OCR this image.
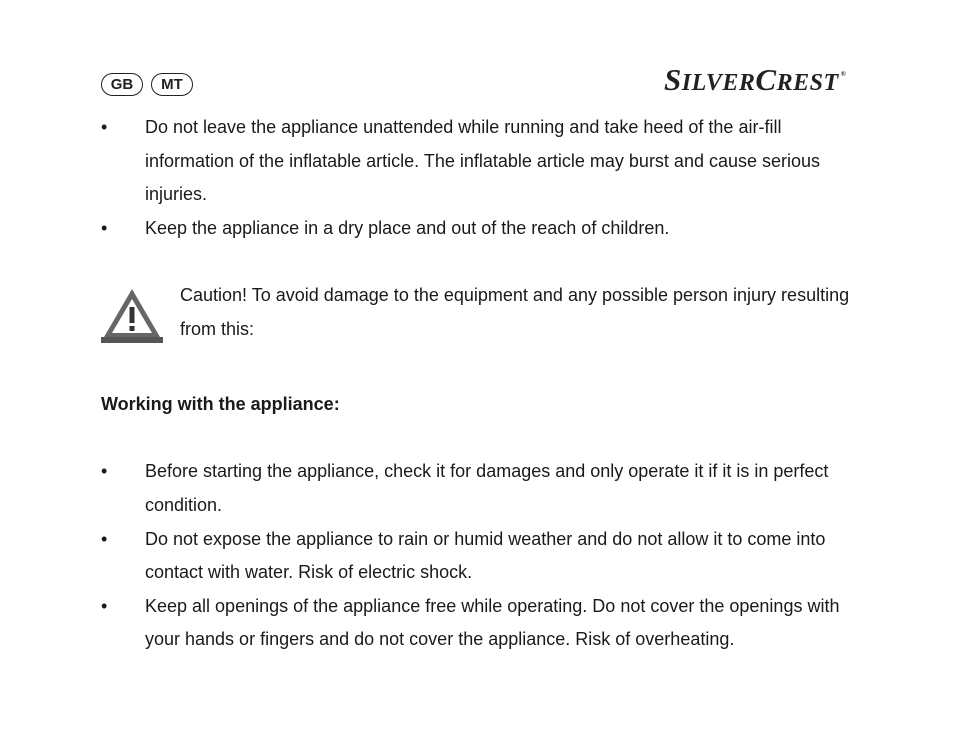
GB	MT	SILVERCREST ®
•	Do not leave the appliance unattended while running and take heed of the air-fill information of the inflatable article. The inflatable article may burst and cause serious injuries.
•	Keep the appliance in a dry place and out of the reach of children.
Caution! To avoid damage to the equipment and any possible person injury resulting from this:
Working with the appliance:
•	Before starting the appliance, check it for damages and only operate it if it is in perfect condition.
•	Do not expose the appliance to rain or humid weather and do not allow it to come into contact with water. Risk of electric shock.
•	Keep all openings of the appliance free while operating. Do not cover the openings with your hands or fingers and do not cover the appliance. Risk of overheating.
